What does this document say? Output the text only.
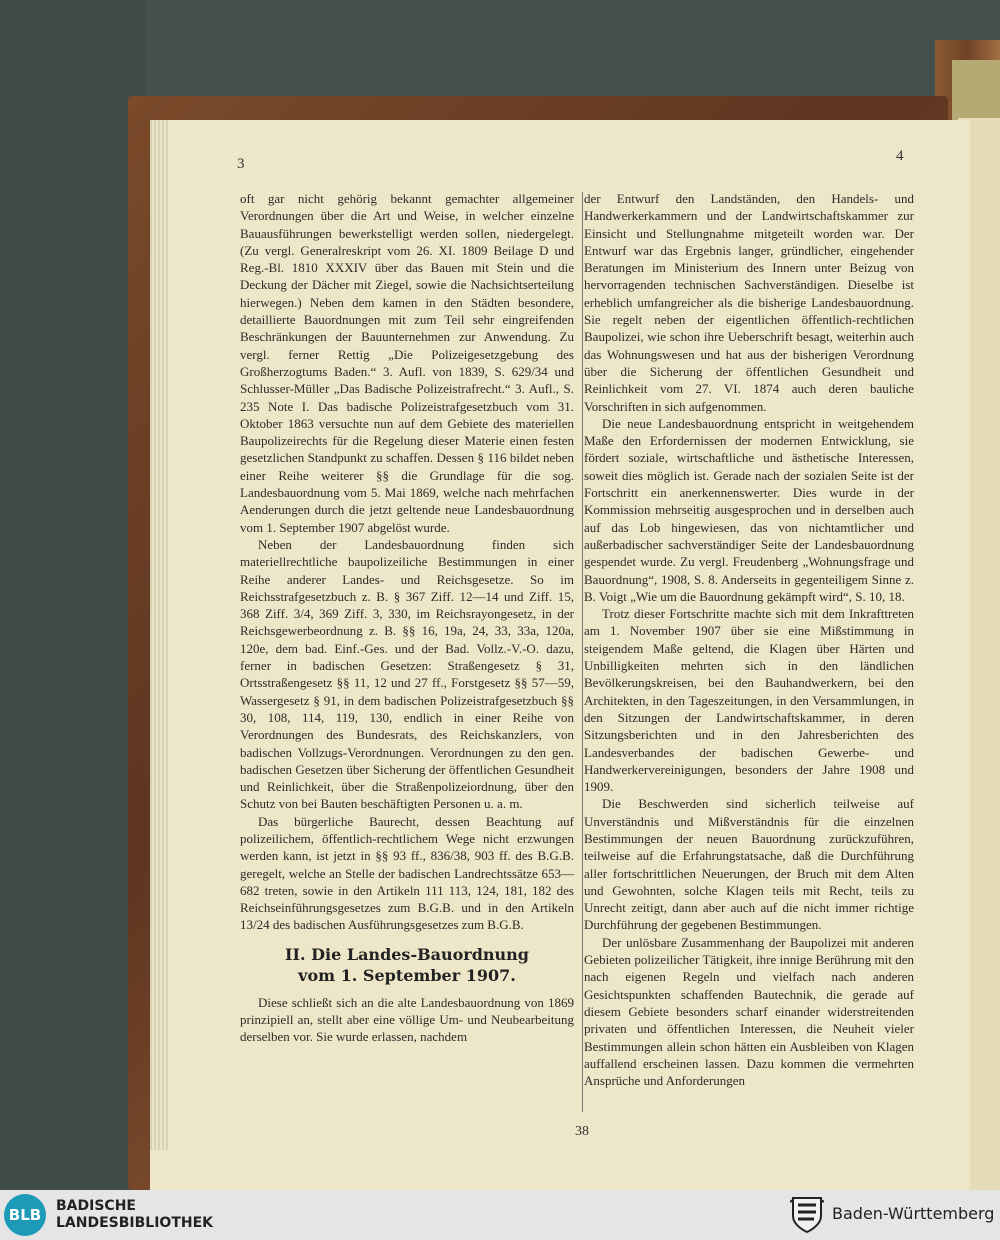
3	4

oft gar nicht gehörig bekannt gemachter allgemeiner Verordnungen über die Art und Weise, in welcher einzelne Bauausführungen bewerkstelligt werden sollen, niedergelegt. (Zu vergl. Generalreskript vom 26. XI. 1809 Beilage D und Reg.-Bl. 1810 XXXIV über das Bauen mit Stein und die Deckung der Dächer mit Ziegel, sowie die Nachsichtserteilung hierwegen.) Neben dem kamen in den Städten besondere, detaillierte Bauordnungen mit zum Teil sehr eingreifenden Beschränkungen der Bauunternehmen zur Anwendung. Zu vergl. ferner Rettig „Die Polizeigesetzgebung des Großherzogtums Baden.“ 3. Aufl. von 1839, S. 629/34 und Schlusser-Müller „Das Badische Polizeistrafrecht.“ 3. Aufl., S. 235 Note I. Das badische Polizeistrafgesetzbuch vom 31. Oktober 1863 versuchte nun auf dem Gebiete des materiellen Baupolizeirechts für die Regelung dieser Materie einen festen gesetzlichen Standpunkt zu schaffen. Dessen § 116 bildet neben einer Reihe weiterer §§ die Grundlage für die sog. Landesbauordnung vom 5. Mai 1869, welche nach mehrfachen Aenderungen durch die jetzt geltende neue Landesbauordnung vom 1. September 1907 abgelöst wurde.

Neben der Landesbauordnung finden sich materiellrechtliche baupolizeiliche Bestimmungen in einer Reihe anderer Landes- und Reichsgesetze. So im Reichsstrafgesetzbuch z. B. § 367 Ziff. 12—14 und Ziff. 15, 368 Ziff. 3/4, 369 Ziff. 3, 330, im Reichsrayongesetz, in der Reichsgewerbeordnung z. B. §§ 16, 19a, 24, 33, 33a, 120a, 120e, dem bad. Einf.-Ges. und der Bad. Vollz.-V.-O. dazu, ferner in badischen Gesetzen: Straßengesetz § 31, Ortsstraßengesetz §§ 11, 12 und 27 ff., Forstgesetz §§ 57—59, Wassergesetz § 91, in dem badischen Polizeistrafgesetzbuch §§ 30, 108, 114, 119, 130, endlich in einer Reihe von Verordnungen des Bundesrats, des Reichskanzlers, von badischen Vollzugs-Verordnungen. Verordnungen zu den gen. badischen Gesetzen über Sicherung der öffentlichen Gesundheit und Reinlichkeit, über die Straßenpolizeiordnung, über den Schutz von bei Bauten beschäftigten Personen u. a. m.

Das bürgerliche Baurecht, dessen Beachtung auf polizeilichem, öffentlich-rechtlichem Wege nicht erzwungen werden kann, ist jetzt in §§ 93 ff., 836/38, 903 ff. des B.G.B. geregelt, welche an Stelle der badischen Landrechtssätze 653—682 treten, sowie in den Artikeln 111 113, 124, 181, 182 des Reichseinführungsgesetzes zum B.G.B. und in den Artikeln 13/24 des badischen Ausführungsgesetzes zum B.G.B.

II. Die Landes-Bauordnung
vom 1. September 1907.

Diese schließt sich an die alte Landesbauordnung von 1869 prinzipiell an, stellt aber eine völlige Um- und Neubearbeitung derselben vor. Sie wurde erlassen, nachdem

der Entwurf den Landständen, den Handels- und Handwerkerkammern und der Landwirtschaftskammer zur Einsicht und Stellungnahme mitgeteilt worden war. Der Entwurf war das Ergebnis langer, gründlicher, eingehender Beratungen im Ministerium des Innern unter Beizug von hervorragenden technischen Sachverständigen. Dieselbe ist erheblich umfangreicher als die bisherige Landesbauordnung. Sie regelt neben der eigentlichen öffentlich-rechtlichen Baupolizei, wie schon ihre Ueberschrift besagt, weiterhin auch das Wohnungswesen und hat aus der bisherigen Verordnung über die Sicherung der öffentlichen Gesundheit und Reinlichkeit vom 27. VI. 1874 auch deren bauliche Vorschriften in sich aufgenommen.

Die neue Landesbauordnung entspricht in weitgehendem Maße den Erfordernissen der modernen Entwicklung, sie fördert soziale, wirtschaftliche und ästhetische Interessen, soweit dies möglich ist. Gerade nach der sozialen Seite ist der Fortschritt ein anerkennenswerter. Dies wurde in der Kommission mehrseitig ausgesprochen und in derselben auch auf das Lob hingewiesen, das von nichtamtlicher und außerbadischer sachverständiger Seite der Landesbauordnung gespendet wurde. Zu vergl. Freudenberg „Wohnungsfrage und Bauordnung“, 1908, S. 8. Anderseits in gegenteiligem Sinne z. B. Voigt „Wie um die Bauordnung gekämpft wird“, S. 10, 18.

Trotz dieser Fortschritte machte sich mit dem Inkrafttreten am 1. November 1907 über sie eine Mißstimmung in steigendem Maße geltend, die Klagen über Härten und Unbilligkeiten mehrten sich in den ländlichen Bevölkerungskreisen, bei den Bauhandwerkern, bei den Architekten, in den Tageszeitungen, in den Versammlungen, in den Sitzungen der Landwirtschaftskammer, in deren Sitzungsberichten und in den Jahresberichten des Landesverbandes der badischen Gewerbe- und Handwerkervereinigungen, besonders der Jahre 1908 und 1909.

Die Beschwerden sind sicherlich teilweise auf Unverständnis und Mißverständnis für die einzelnen Bestimmungen der neuen Bauordnung zurückzuführen, teilweise auf die Erfahrungstatsache, daß die Durchführung aller fortschrittlichen Neuerungen, der Bruch mit dem Alten und Gewohnten, solche Klagen teils mit Recht, teils zu Unrecht zeitigt, dann aber auch auf die nicht immer richtige Durchführung der gegebenen Bestimmungen.

Der unlösbare Zusammenhang der Baupolizei mit anderen Gebieten polizeilicher Tätigkeit, ihre innige Berührung mit den nach eigenen Regeln und vielfach nach anderen Gesichtspunkten schaffenden Bautechnik, die gerade auf diesem Gebiete besonders scharf einander widerstreitenden privaten und öffentlichen Interessen, die Neuheit vieler Bestimmungen allein schon hätten ein Ausbleiben von Klagen auffallend erscheinen lassen. Dazu kommen die vermehrten Ansprüche und Anforderungen

38
BLB	BADISCHE
LANDESBIBLIOTHEK	Baden-Württemberg
